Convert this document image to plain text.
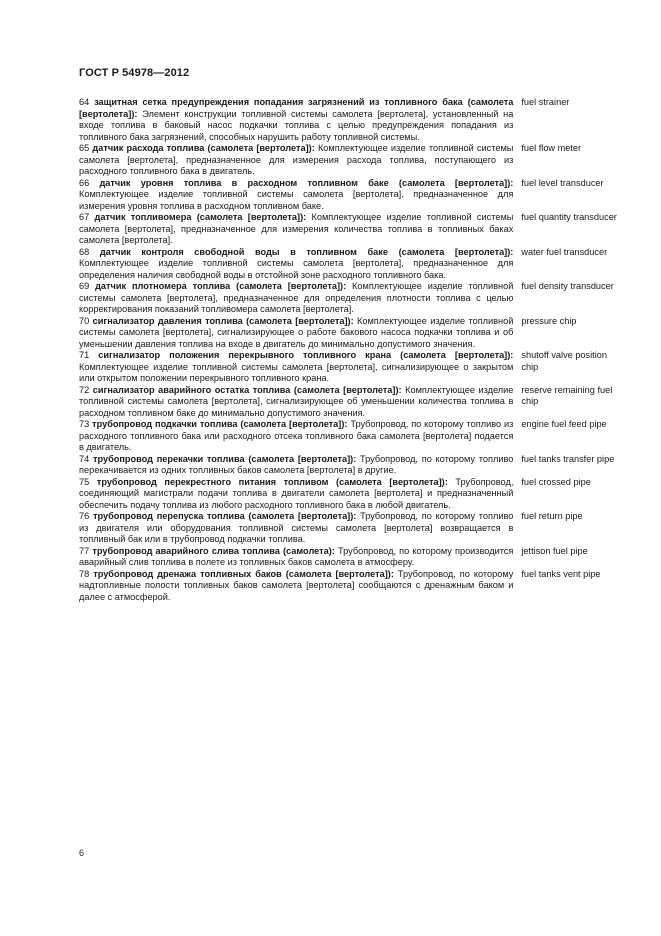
ГОСТ Р 54978—2012

64 защитная сетка предупреждения попадания загрязнений из топливного бака (самолета [вертолета]): Элемент конструкции топливной системы самолета [вертолета], установленный на входе топлива в баковый насос подкачки топлива с целью предупреждения попадания из топливного бака загрязнений, способных нарушить работу топливной системы.

fuel strainer

65 датчик расхода топлива (самолета [вертолета]): Комплектующее изделие топливной системы самолета [вертолета], предназначенное для измерения расхода топлива, поступающего из расходного топливного бака в двигатель.

fuel flow meter

66 датчик уровня топлива в расходном топливном баке (самолета [вертолета]): Комплектующее изделие топливной системы самолета [вертолета], предназначенное для измерения уровня топлива в расходном топливном баке.

fuel level transducer

67 датчик топливомера (самолета [вертолета]): Комплектующее изделие топливной системы самолета [вертолета], предназначенное для измерения количества топлива в топливных баках самолета [вертолета].

fuel quantity transducer

68 датчик контроля свободной воды в топливном баке (самолета [вертолета]): Комплектующее изделие топливной системы самолета [вертолета], предназначенное для определения наличия свободной воды в отстойной зоне расходного топливного бака.

water fuel transducer

69 датчик плотномера топлива (самолета [вертолета]): Комплектующее изделие топливной системы самолета [вертолета], предназначенное для определения плотности топлива с целью корректирования показаний топливомера самолета [вертолета].

fuel density transducer

70 сигнализатор давления топлива (самолета [вертолета]): Комплектующее изделие топливной системы самолета [вертолета], сигнализирующее о работе бакового насоса подкачки топлива и об уменьшении давления топлива на входе в двигатель до минимально допустимого значения.

pressure chip

71 сигнализатор положения перекрывного топливного крана (самолета [вертолета]): Комплектующее изделие топливной системы самолета [вертолета], сигнализирующее о закрытом или открытом положении перекрывного топливного крана.

shutoff valve position chip

72 сигнализатор аварийного остатка топлива (самолета [вертолета]): Комплектующее изделие топливной системы самолета [вертолета], сигнализирующее об уменьшении количества топлива в расходном топливном баке до минимально допустимого значения.

reserve remaining fuel chip

73 трубопровод подкачки топлива (самолета [вертолета]): Трубопровод, по которому топливо из расходного топливного бака или расходного отсека топливного бака самолета [вертолета] подается в двигатель.

engine fuel feed pipe

74 трубопровод перекачки топлива (самолета [вертолета]): Трубопровод, по которому топливо перекачивается из одних топливных баков самолета [вертолета] в другие.

fuel tanks transfer pipe

75 трубопровод перекрестного питания топливом (самолета [вертолета]): Трубопровод, соединяющий магистрали подачи топлива в двигатели самолета [вертолета] и предназначенный обеспечить подачу топлива из любого расходного топливного бака в любой двигатель.

fuel crossed pipe

76 трубопровод перепуска топлива (самолета [вертолета]): Трубопровод, по которому топливо из двигателя или оборудования топливной системы самолета [вертолета] возвращается в топливный бак или в трубопровод подкачки топлива.

fuel return pipe

77 трубопровод аварийного слива топлива (самолета): Трубопровод, по которому производится аварийный слив топлива в полете из топливных баков самолета в атмосферу.

jettison fuel pipe

78 трубопровод дренажа топливных баков (самолета [вертолета]): Трубопровод, по которому надтопливные полости топливных баков самолета [вертолета] сообщаются с дренажным баком и далее с атмосферой.

fuel tanks vent pipe
6
